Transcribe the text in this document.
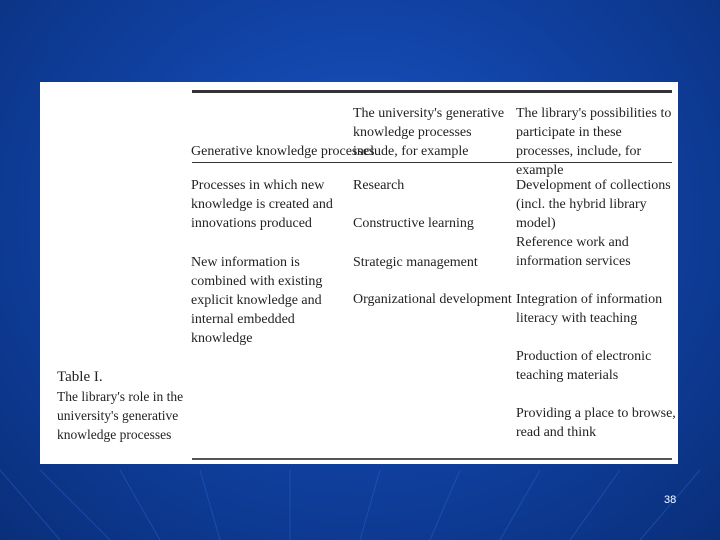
Generative knowledge processes
The university's generative knowledge processes include, for example
The library's possibilities to participate in these processes, include, for example
Processes in which new knowledge is created and innovations produced
New information is combined with existing explicit knowledge and internal embedded knowledge
Research
Constructive learning
Strategic management
Organizational development
Development of collections (incl. the hybrid library model)
Reference work and information services
Integration of information literacy with teaching
Production of electronic teaching materials
Providing a place to browse, read and think
Table I.
The library's role in the
university's generative
knowledge processes
38
